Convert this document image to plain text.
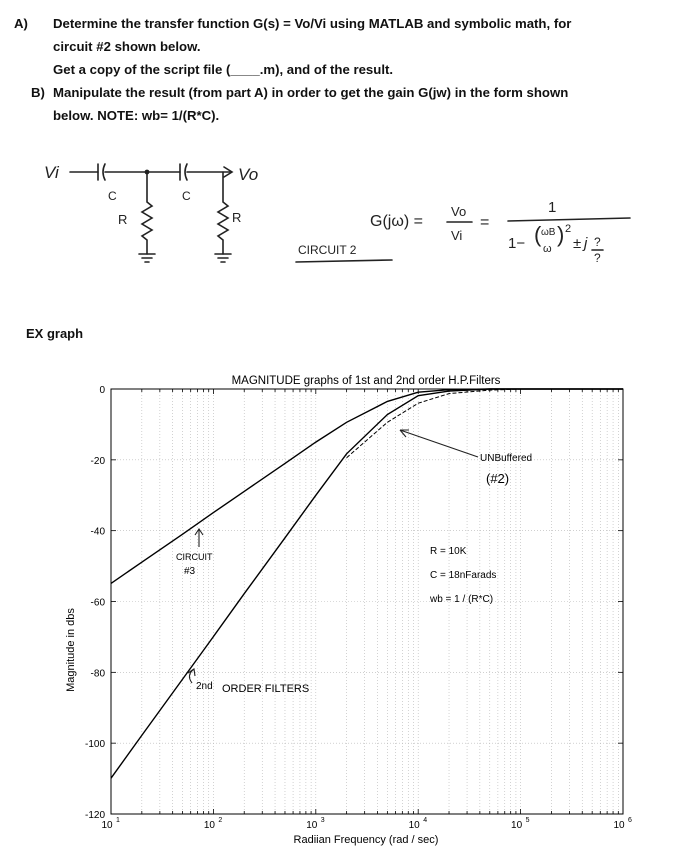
A) Determine the transfer function G(s) = Vo/Vi using MATLAB and symbolic math, for
circuit #2 shown below.
Get a copy of the script file (____.m), and of the result.
B) Manipulate the result (from part A) in order to get the gain G(jw) in the form shown
below. NOTE: wb= 1/(R*C).
Vi	Vo
C	C
R	R
CIRCUIT 2
G(jω) =
Vo
Vi
=
1
1− ( ωB
ω
) 2
± j ?
?
EX graph
0
-20
-40
-60
-80
-100
-120
10 1	10 2	10 3	10 4	10 5	10 6
MAGNITUDE graphs of 1st and 2nd order H.P.Filters
Radiian Frequency (rad / sec)
Magnitude in dbs
UNBuffered
(#2)
R = 10K
C = 18nFarads
wb = 1 / (R*C)
CIRCUIT
#3
2nd ORDER FILTERS
